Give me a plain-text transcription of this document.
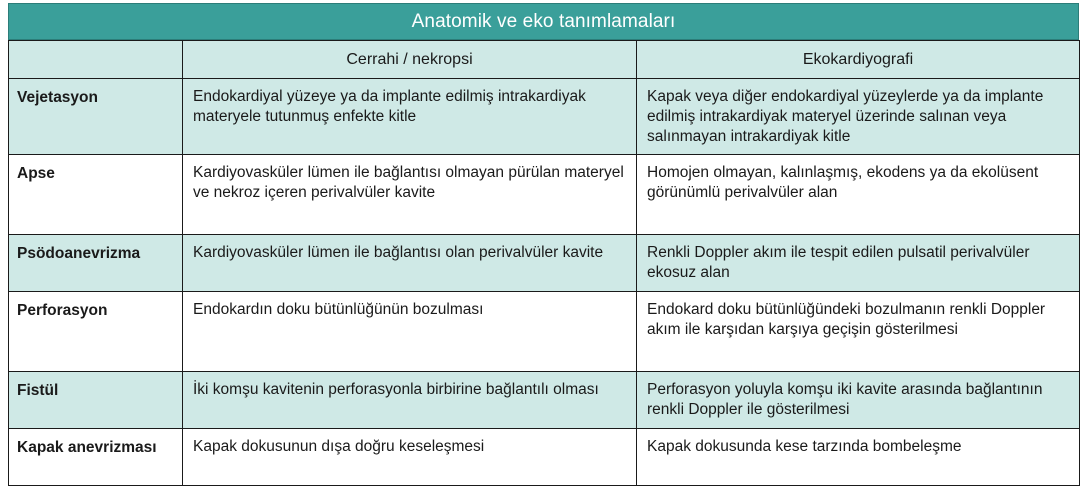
Anatomik ve eko tanımlamaları
	Cerrahi / nekropsi	Ekokardiyografi
Vejetasyon	Endokardiyal yüzeye ya da implante edilmiş intrakardiyak materyele tutunmuş enfekte kitle	Kapak veya diğer endokardiyal yüzeylerde ya da implante edilmiş intrakardiyak materyel üzerinde salınan veya salınmayan intrakardiyak kitle
Apse	Kardiyovasküler lümen ile bağlantısı olmayan pürülan materyel ve nekroz içeren perivalvüler kavite	Homojen olmayan, kalınlaşmış, ekodens ya da ekolüsent görünümlü perivalvüler alan
Psödoanevrizma	Kardiyovasküler lümen ile bağlantısı olan perivalvüler kavite	Renkli Doppler akım ile tespit edilen pulsatil perivalvüler ekosuz alan
Perforasyon	Endokardın doku bütünlüğünün bozulması	Endokard doku bütünlüğündeki bozulmanın renkli Doppler akım ile karşıdan karşıya geçişin gösterilmesi
Fistül	İki komşu kavitenin perforasyonla birbirine bağlantılı olması	Perforasyon yoluyla komşu iki kavite arasında bağlantının renkli Doppler ile gösterilmesi
Kapak anevrizması	Kapak dokusunun dışa doğru keseleşmesi	Kapak dokusunda kese tarzında bombeleşme
